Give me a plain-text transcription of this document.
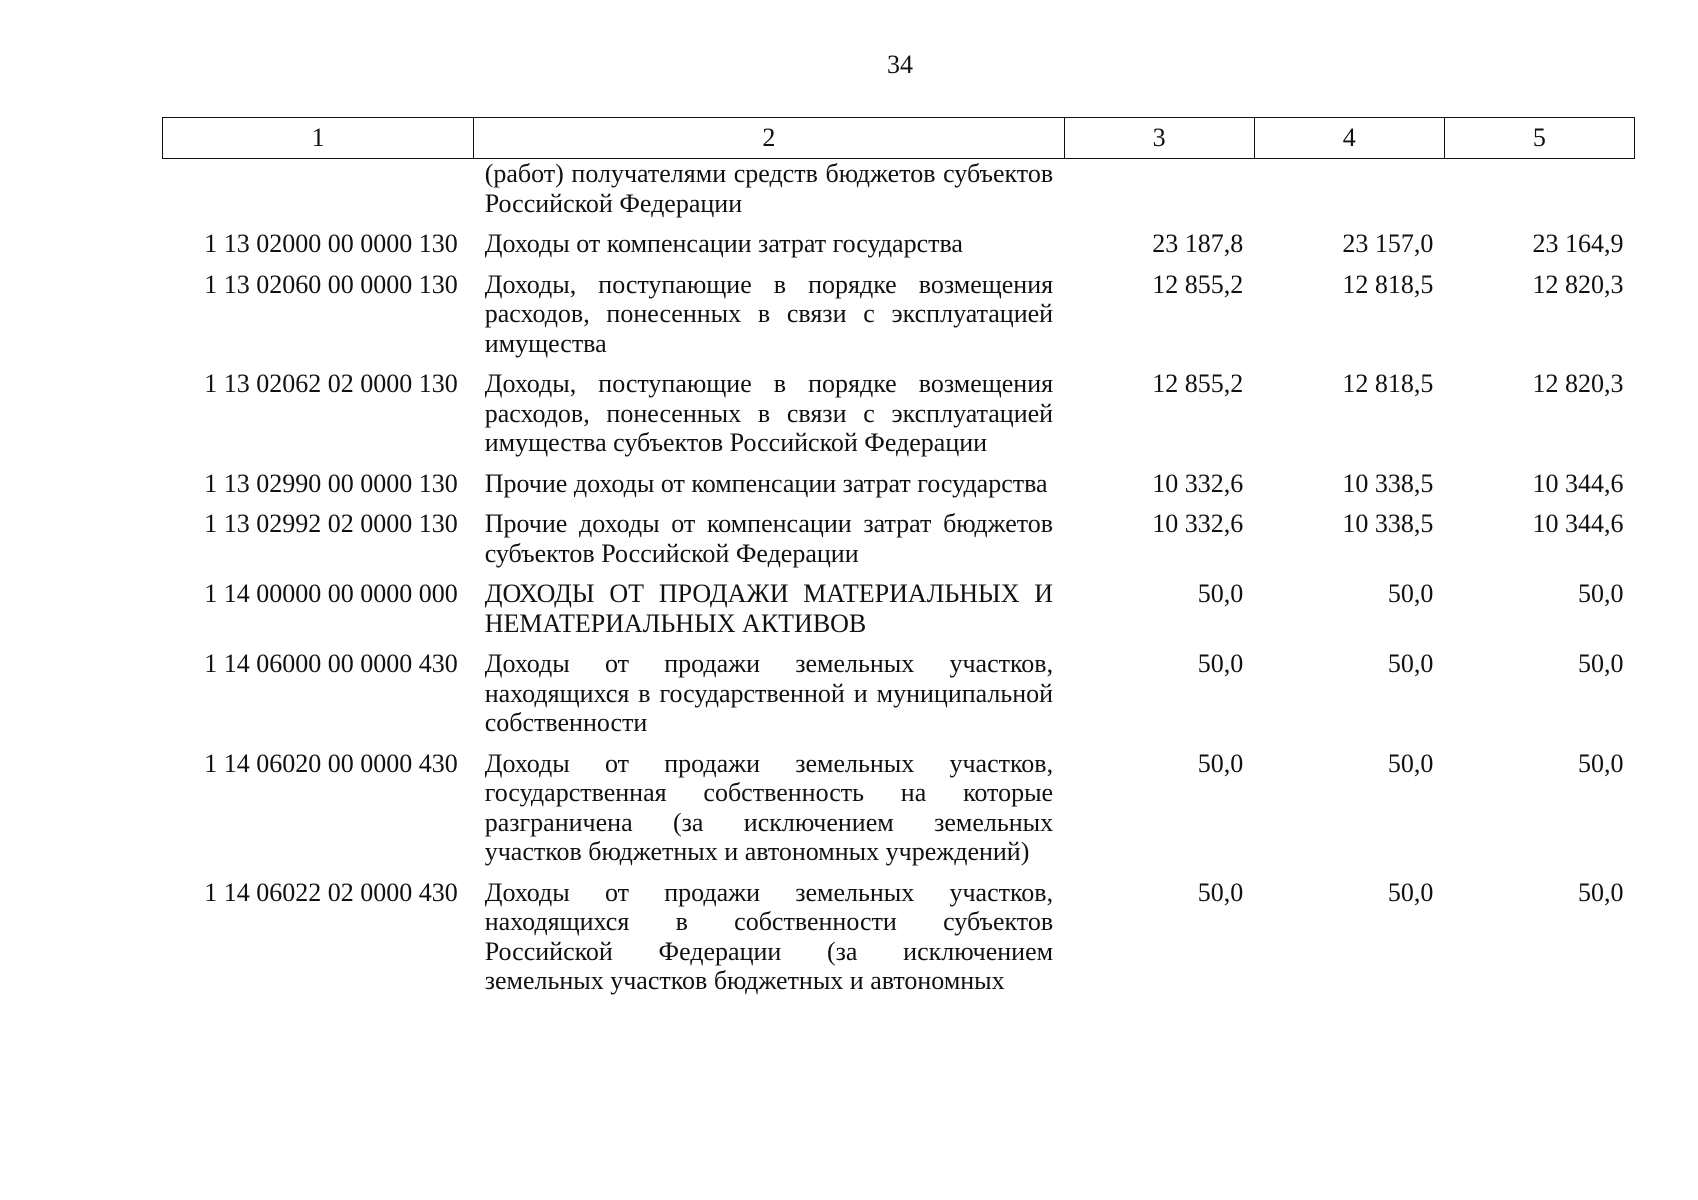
34
1	2	3	4	5
	(работ) получателями средств бюджетов субъектов Российской Федерации			
1 13 02000 00 0000 130	Доходы от компенсации затрат государства	23 187,8	23 157,0	23 164,9
1 13 02060 00 0000 130	Доходы, поступающие в порядке возмещения расходов, понесенных в связи с эксплуатацией имущества	12 855,2	12 818,5	12 820,3
1 13 02062 02 0000 130	Доходы, поступающие в порядке возмещения расходов, понесенных в связи с эксплуатацией имущества субъектов Российской Федерации	12 855,2	12 818,5	12 820,3
1 13 02990 00 0000 130	Прочие доходы от компенсации затрат государства	10 332,6	10 338,5	10 344,6
1 13 02992 02 0000 130	Прочие доходы от компенсации затрат бюджетов субъектов Российской Федерации	10 332,6	10 338,5	10 344,6
1 14 00000 00 0000 000	ДОХОДЫ ОТ ПРОДАЖИ МАТЕРИАЛЬНЫХ И НЕМАТЕРИАЛЬНЫХ АКТИВОВ	50,0	50,0	50,0
1 14 06000 00 0000 430	Доходы от продажи земельных участков, находящихся в государственной и муниципальной собственности	50,0	50,0	50,0
1 14 06020 00 0000 430	Доходы от продажи земельных участков, государственная собственность на которые разграничена (за исключением земельных участков бюджетных и автономных учреждений)	50,0	50,0	50,0
1 14 06022 02 0000 430	Доходы от продажи земельных участков, находящихся в собственности субъектов Российской Федерации (за исключением земельных участков бюджетных и автономных	50,0	50,0	50,0
